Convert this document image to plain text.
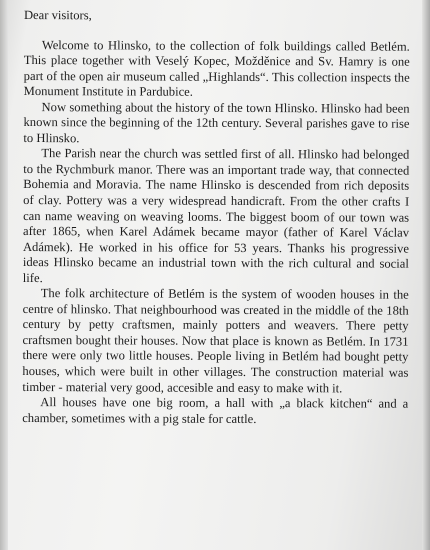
Dear visitors,

Welcome to Hlinsko, to the collection of folk buildings called Betlém. This place together with Veselý Kopec, Možděnice and Sv. Hamry is one part of the open air museum called „Highlands“. This collection inspects the Monument Institute in Pardubice.

Now something about the history of the town Hlinsko. Hlinsko had been known since the beginning of the 12th century. Several parishes gave to rise to Hlinsko.

The Parish near the church was settled first of all. Hlinsko had belonged to the Rychmburk manor. There was an important trade way, that connected Bohemia and Moravia. The name Hlinsko is descended from rich deposits of clay. Pottery was a very widespread handicraft. From the other crafts I can name weaving on weaving looms. The biggest boom of our town was after 1865, when Karel Adámek became mayor (father of Karel Václav Adámek). He worked in his office for 53 years. Thanks his progressive ideas Hlinsko became an industrial town with the rich cultural and social life.

The folk architecture of Betlém is the system of wooden houses in the centre of hlinsko. That neighbourhood was created in the middle of the 18th century by petty craftsmen, mainly potters and weavers. There petty craftsmen bought their houses. Now that place is known as Betlém. In 1731 there were only two little houses. People living in Betlém had bought petty houses, which were built in other villages. The construction material was timber - material very good, accesible and easy to make with it.

All houses have one big room, a hall with „a black kitchen“ and a chamber, sometimes with a pig stale for cattle.
